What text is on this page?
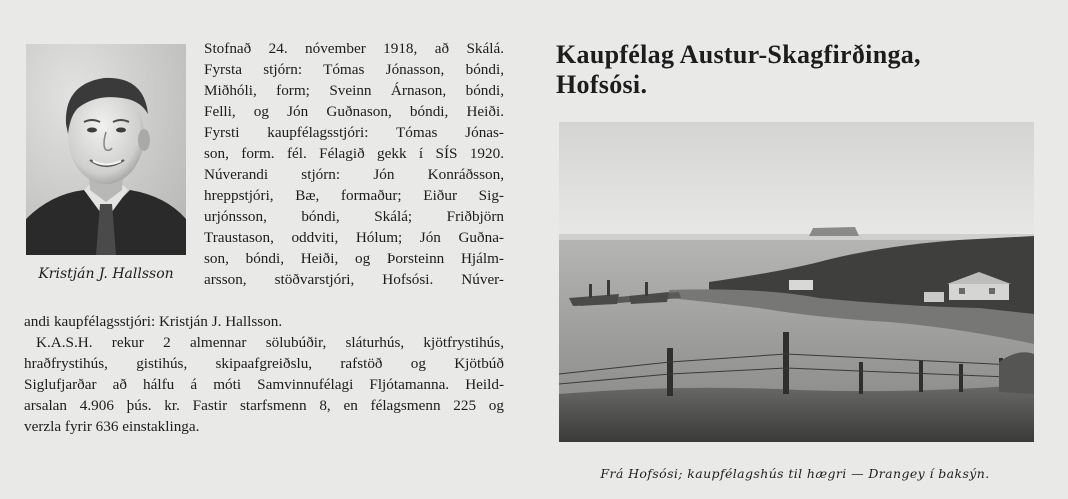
Kristján J. Hallsson
Stofnað 24. nóvember 1918, að Skálá.
Fyrsta stjórn: Tómas Jónasson, bóndi,
Miðhóli, form; Sveinn Árnason, bóndi,
Felli, og Jón Guðnason, bóndi, Heiði.
Fyrsti kaupfélagsstjóri: Tómas Jónas-
son, form. fél. Félagið gekk í SÍS 1920.
Núverandi stjórn: Jón Konráðsson,
hreppstjóri, Bæ, formaður; Eiður Sig-
urjónsson, bóndi, Skálá; Friðbjörn
Traustason, oddviti, Hólum; Jón Guðna-
son, bóndi, Heiði, og Þorsteinn Hjálm-
arsson, stöðvarstjóri, Hofsósi. Núver-
andi kaupfélagsstjóri: Kristján J. Hallsson.
K.A.S.H. rekur 2 almennar sölubúðir, sláturhús, kjötfrystihús,
hraðfrystihús, gistihús, skipaafgreiðslu, rafstöð og Kjötbúð
Siglufjarðar að hálfu á móti Samvinnufélagi Fljótamanna. Heild-
arsalan 4.906 þús. kr. Fastir starfsmenn 8, en félagsmenn 225 og
verzla fyrir 636 einstaklinga.
Kaupfélag Austur-Skagfirðinga,
Hofsósi.
Frá Hofsósi; kaupfélagshús til hægri — Drangey í baksýn.
